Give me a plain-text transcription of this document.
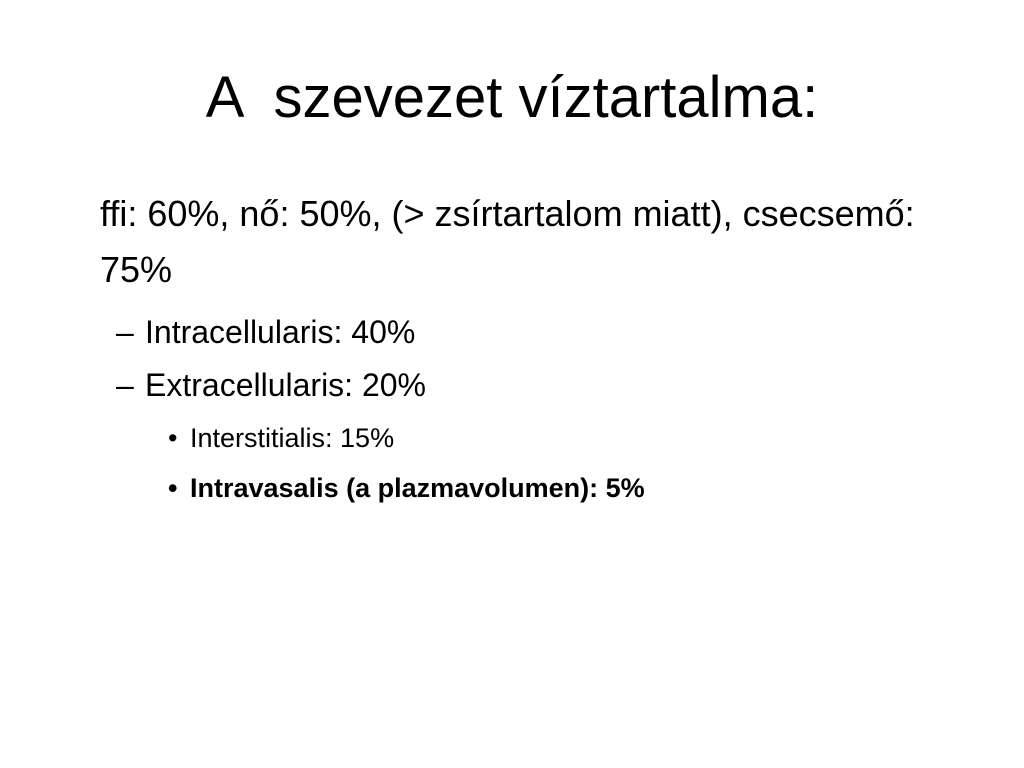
A  szevezet víztartalma:

ffi: 60%, nő: 50%, (> zsírtartalom miatt), csecsemő: 75%

– Intracellularis: 40%
– Extracellularis: 20%
• Interstitialis: 15%
• Intravasalis (a plazmavolumen): 5%
